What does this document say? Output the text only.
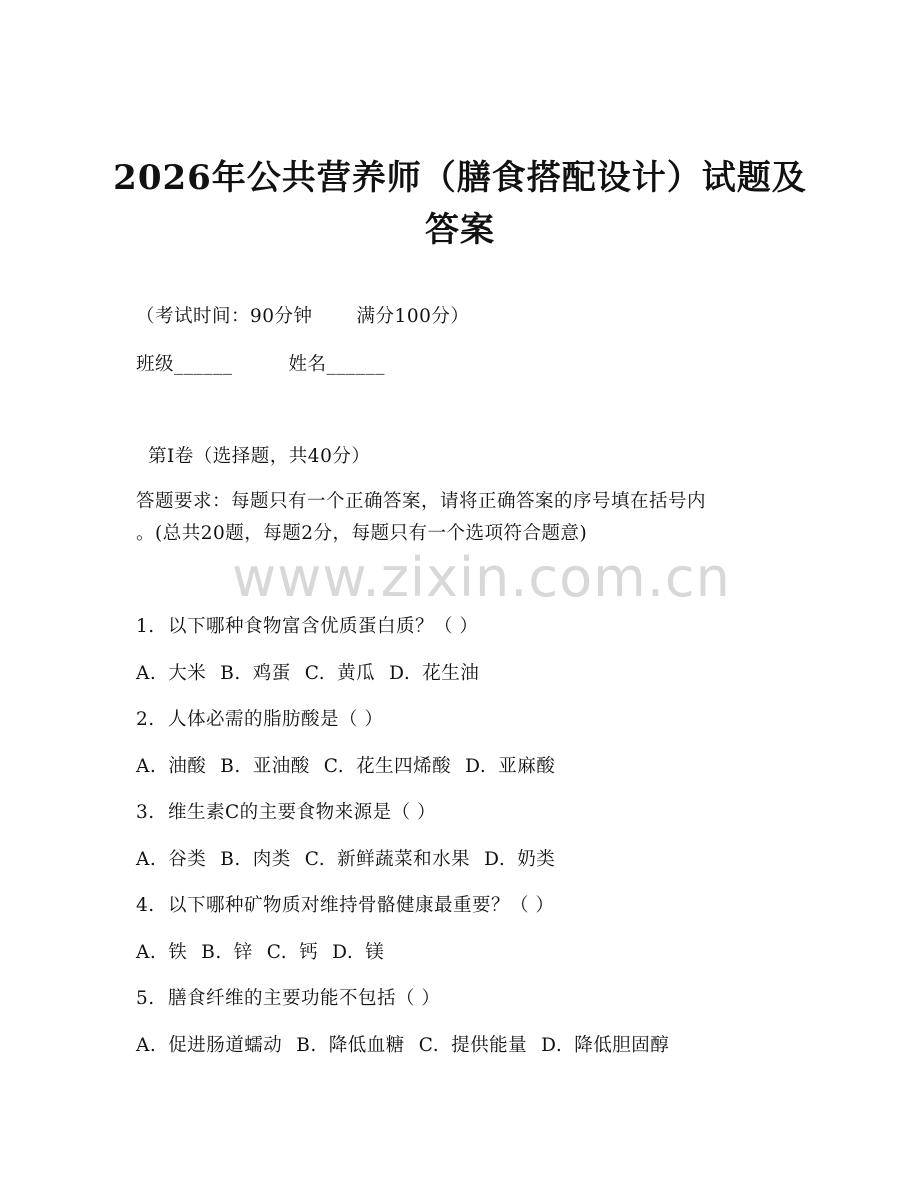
2026年公共营养师（膳食搭配设计）试题及
答案
（考试时间：90分钟 满分100分）
班级______	姓名______
第I卷（选择题，共40分）
答题要求：每题只有一个正确答案，请将正确答案的序号填在括号内
。(总共20题，每题2分，每题只有一个选项符合题意)
www.zixin.com.cn
1. 以下哪种食物富含优质蛋白质？（ ）
A. 大米 B. 鸡蛋 C. 黄瓜 D. 花生油
2. 人体必需的脂肪酸是（ ）
A. 油酸 B. 亚油酸 C. 花生四烯酸 D. 亚麻酸
3. 维生素C的主要食物来源是（ ）
A. 谷类 B. 肉类 C. 新鲜蔬菜和水果 D. 奶类
4. 以下哪种矿物质对维持骨骼健康最重要？（ ）
A. 铁 B. 锌 C. 钙 D. 镁
5. 膳食纤维的主要功能不包括（ ）
A. 促进肠道蠕动 B. 降低血糖 C. 提供能量 D. 降低胆固醇
